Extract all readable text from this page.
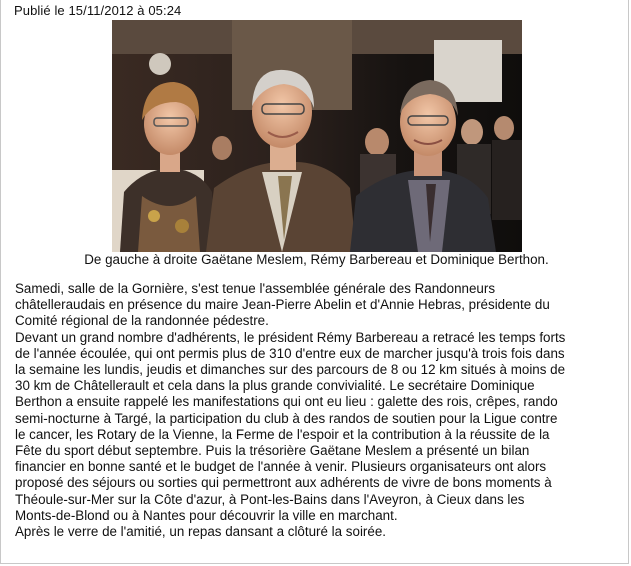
Publié le 15/11/2012 à 05:24
De gauche à droite Gaëtane Meslem, Rémy Barbereau et Dominique Berthon.
Samedi, salle de la Gornière, s'est tenue l'assemblée générale des Randonneurs
châtelleraudais en présence du maire Jean-Pierre Abelin et d'Annie Hebras, présidente du
Comité régional de la randonnée pédestre.
Devant un grand nombre d'adhérents, le président Rémy Barbereau a retracé les temps forts
de l'année écoulée, qui ont permis plus de 310 d'entre eux de marcher jusqu'à trois fois dans
la semaine les lundis, jeudis et dimanches sur des parcours de 8 ou 12 km situés à moins de
30 km de Châtellerault et cela dans la plus grande convivialité. Le secrétaire Dominique
Berthon a ensuite rappelé les manifestations qui ont eu lieu : galette des rois, crêpes, rando
semi-nocturne à Targé, la participation du club à des randos de soutien pour la Ligue contre
le cancer, les Rotary de la Vienne, la Ferme de l'espoir et la contribution à la réussite de la
Fête du sport début septembre. Puis la trésorière Gaëtane Meslem a présenté un bilan
financier en bonne santé et le budget de l'année à venir. Plusieurs organisateurs ont alors
proposé des séjours ou sorties qui permettront aux adhérents de vivre de bons moments à
Théoule-sur-Mer sur la Côte d'azur, à Pont-les-Bains dans l'Aveyron, à Cieux dans les
Monts-de-Blond ou à Nantes pour découvrir la ville en marchant.
Après le verre de l'amitié, un repas dansant a clôturé la soirée.
